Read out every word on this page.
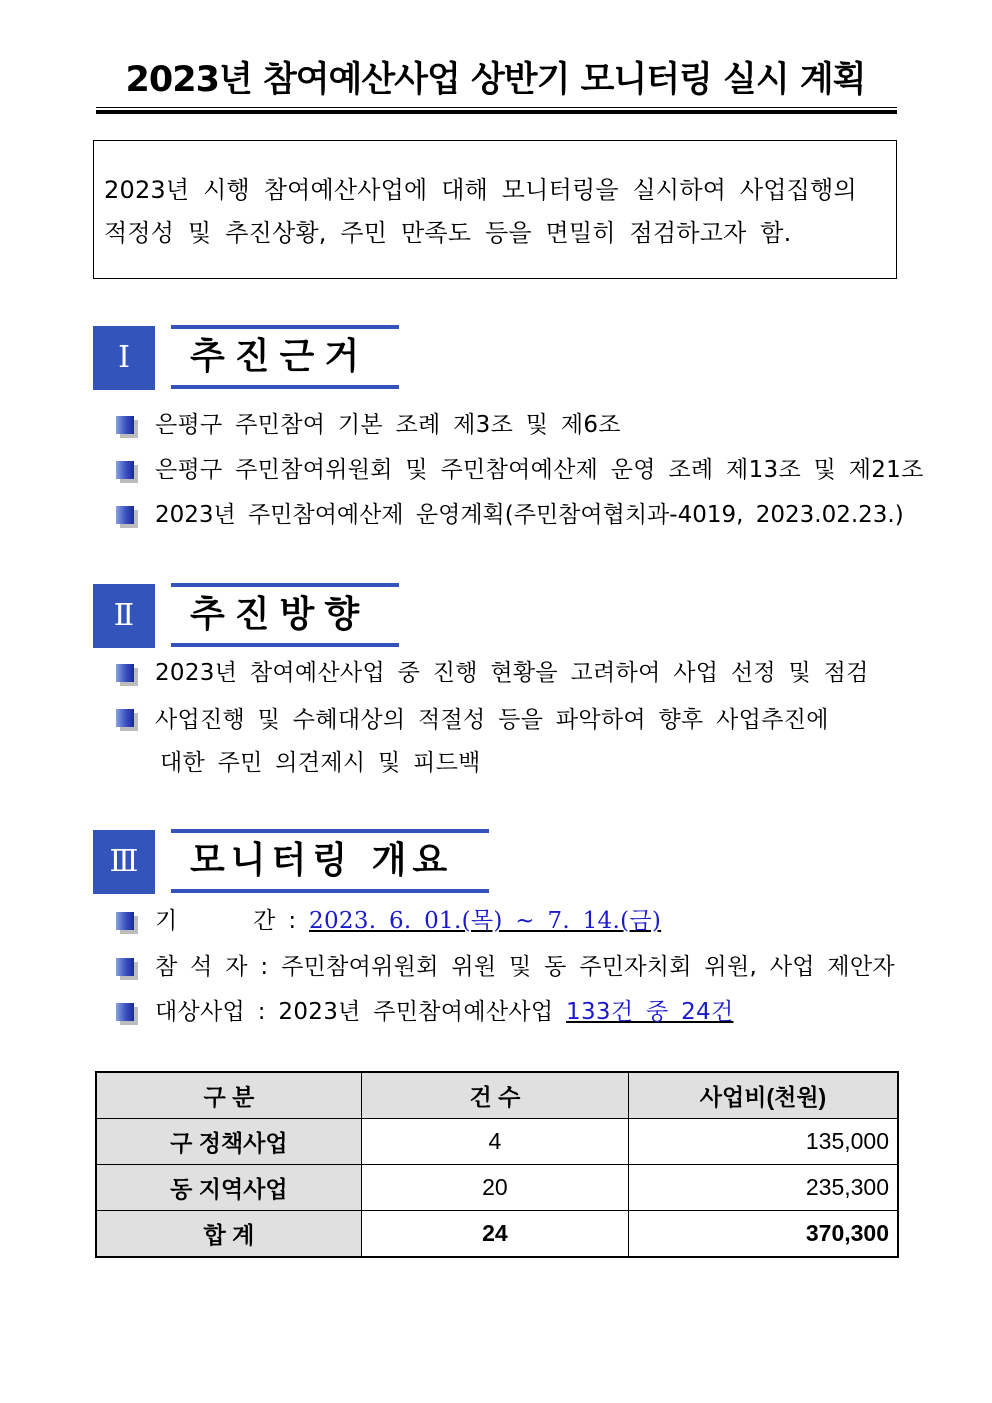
2023년 참여예산사업 상반기 모니터링 실시 계획

2023년 시행 참여예산사업에 대해 모니터링을 실시하여 사업집행의

적정성 및 추진상황, 주민 만족도 등을 면밀히 점검하고자 함.

Ⅰ	추진근거
은평구 주민참여 기본 조례 제3조 및 제6조
은평구 주민참여위원회 및 주민참여예산제 운영 조례 제13조 및 제21조
2023년 주민참여예산제 운영계획(주민참여협치과-4019, 2023.02.23.)
Ⅱ	추진방향
2023년 참여예산사업 중 진행 현황을 고려하여 사업 선정 및 점검
사업진행 및 수혜대상의 적절성 등을 파악하여 향후 사업추진에
대한 주민 의견제시 및 피드백
Ⅲ	모니터링 개요
기      간 : 2023. 6. 01.(목) ~ 7. 14.(금)
참 석 자 : 주민참여위원회 위원 및 동 주민자치회 위원, 사업 제안자
대상사업 : 2023년 주민참여예산사업 133건 중 24건
구 분	건 수	사업비(천원)
구 정책사업	4	135,000
동 지역사업	20	235,300
합 계	24	370,300
